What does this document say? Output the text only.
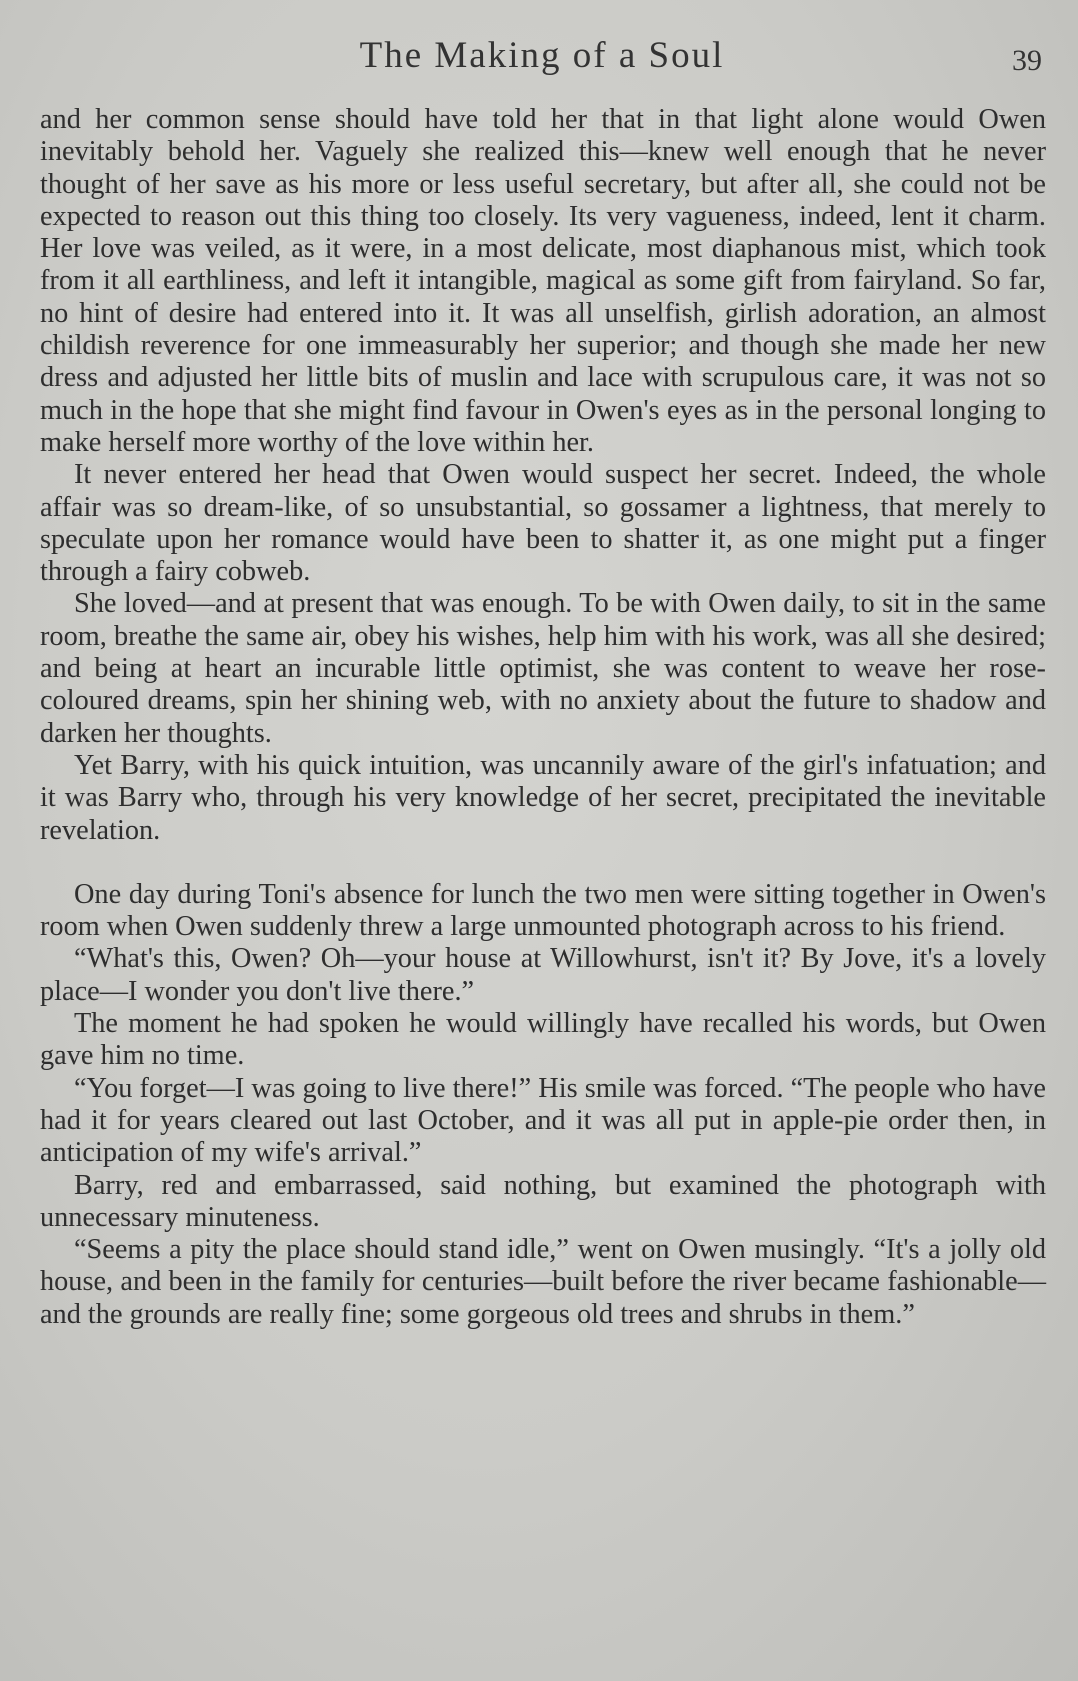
The Making of a Soul	39

and her common sense should have told her that in that light alone would Owen inevitably behold her. Vaguely she realized this—knew well enough that he never thought of her save as his more or less useful secretary, but after all, she could not be expected to reason out this thing too closely. Its very vagueness, indeed, lent it charm. Her love was veiled, as it were, in a most delicate, most diaphanous mist, which took from it all earthliness, and left it intangible, magical as some gift from fairyland. So far, no hint of desire had entered into it. It was all unselfish, girlish adoration, an almost childish reverence for one immeasurably her superior; and though she made her new dress and adjusted her little bits of muslin and lace with scrupulous care, it was not so much in the hope that she might find favour in Owen's eyes as in the personal longing to make herself more worthy of the love within her.

It never entered her head that Owen would suspect her secret. Indeed, the whole affair was so dream-like, of so unsubstantial, so gossamer a lightness, that merely to speculate upon her romance would have been to shatter it, as one might put a finger through a fairy cobweb.

She loved—and at present that was enough. To be with Owen daily, to sit in the same room, breathe the same air, obey his wishes, help him with his work, was all she desired; and being at heart an incurable little optimist, she was content to weave her rose-coloured dreams, spin her shining web, with no anxiety about the future to shadow and darken her thoughts.

Yet Barry, with his quick intuition, was uncannily aware of the girl's infatuation; and it was Barry who, through his very knowledge of her secret, precipitated the inevitable revelation.

One day during Toni's absence for lunch the two men were sitting together in Owen's room when Owen suddenly threw a large unmounted photograph across to his friend.

“What's this, Owen? Oh—your house at Willowhurst, isn't it? By Jove, it's a lovely place—I wonder you don't live there.”

The moment he had spoken he would willingly have recalled his words, but Owen gave him no time.

“You forget—I was going to live there!” His smile was forced. “The people who have had it for years cleared out last October, and it was all put in apple-pie order then, in anticipation of my wife's arrival.”

Barry, red and embarrassed, said nothing, but examined the photograph with unnecessary minuteness.

“Seems a pity the place should stand idle,” went on Owen musingly. “It's a jolly old house, and been in the family for centuries—built before the river became fashionable—and the grounds are really fine; some gorgeous old trees and shrubs in them.”
